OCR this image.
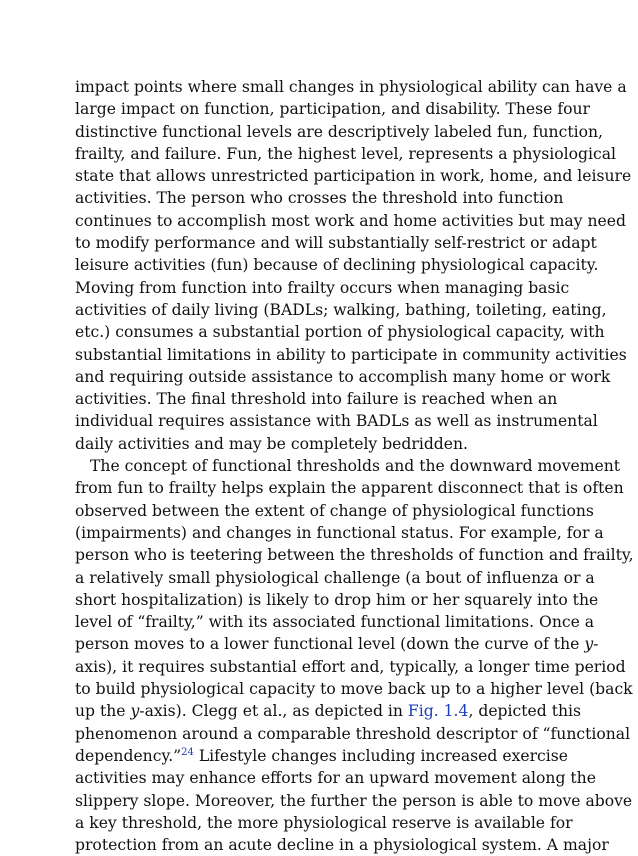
impact points where small changes in physiological ability can have a
large impact on function, participation, and disability. These four
distinctive functional levels are descriptively labeled fun, function,
frailty, and failure. Fun, the highest level, represents a physiological
state that allows unrestricted participation in work, home, and leisure
activities. The person who crosses the threshold into function
continues to accomplish most work and home activities but may need
to modify performance and will substantially self-restrict or adapt
leisure activities (fun) because of declining physiological capacity.
Moving from function into frailty occurs when managing basic
activities of daily living (BADLs; walking, bathing, toileting, eating,
etc.) consumes a substantial portion of physiological capacity, with
substantial limitations in ability to participate in community activities
and requiring outside assistance to accomplish many home or work
activities. The final threshold into failure is reached when an
individual requires assistance with BADLs as well as instrumental
daily activities and may be completely bedridden.

The concept of functional thresholds and the downward movement
from fun to frailty helps explain the apparent disconnect that is often
observed between the extent of change of physiological functions
(impairments) and changes in functional status. For example, for a
person who is teetering between the thresholds of function and frailty,
a relatively small physiological challenge (a bout of influenza or a
short hospitalization) is likely to drop him or her squarely into the
level of “frailty,” with its associated functional limitations. Once a
person moves to a lower functional level (down the curve of the y-
axis), it requires substantial effort and, typically, a longer time period
to build physiological capacity to move back up to a higher level (back
up the y-axis). Clegg et al., as depicted in Fig. 1.4, depicted this
phenomenon around a comparable threshold descriptor of “functional
dependency.”$^{24}$ Lifestyle changes including increased exercise
activities may enhance efforts for an upward movement along the
slippery slope. Moreover, the further the person is able to move above
a key threshold, the more physiological reserve is available for
protection from an acute decline in a physiological system. A major
